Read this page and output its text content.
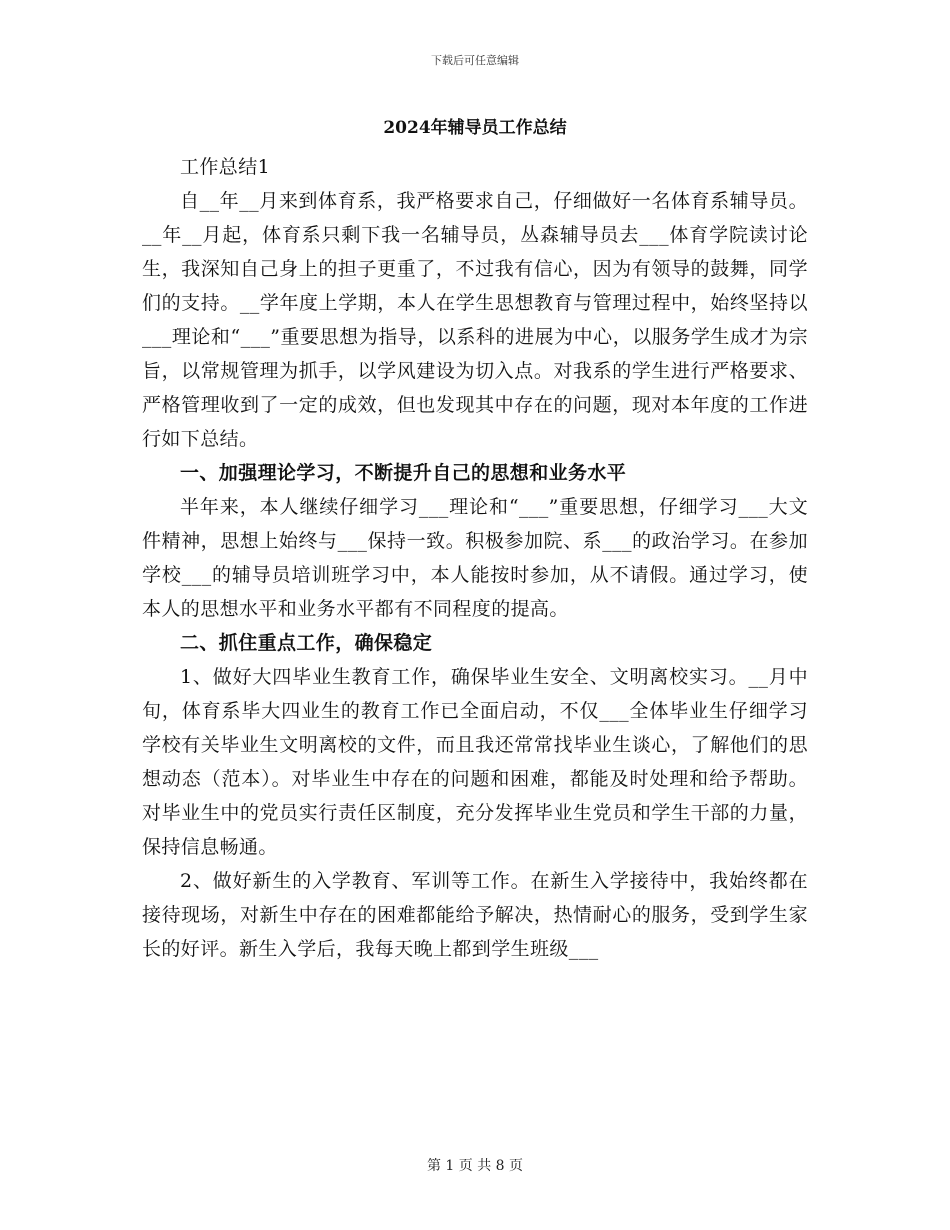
下载后可任意编辑
2024年辅导员工作总结

工作总结1

自__年__月来到体育系，我严格要求自己，仔细做好一名体育系辅导员。__年__月起，体育系只剩下我一名辅导员，丛森辅导员去___体育学院读讨论生，我深知自己身上的担子更重了，不过我有信心，因为有领导的鼓舞，同学们的支持。__学年度上学期，本人在学生思想教育与管理过程中，始终坚持以___理论和“___”重要思想为指导，以系科的进展为中心，以服务学生成才为宗旨，以常规管理为抓手，以学风建设为切入点。对我系的学生进行严格要求、严格管理收到了一定的成效，但也发现其中存在的问题，现对本年度的工作进行如下总结。

一、加强理论学习，不断提升自己的思想和业务水平

半年来，本人继续仔细学习___理论和“___”重要思想，仔细学习___大文件精神，思想上始终与___保持一致。积极参加院、系___的政治学习。在参加学校___的辅导员培训班学习中，本人能按时参加，从不请假。通过学习，使本人的思想水平和业务水平都有不同程度的提高。

二、抓住重点工作，确保稳定

1、做好大四毕业生教育工作，确保毕业生安全、文明离校实习。__月中旬，体育系毕大四业生的教育工作已全面启动，不仅___全体毕业生仔细学习学校有关毕业生文明离校的文件，而且我还常常找毕业生谈心，了解他们的思想动态（范本）。对毕业生中存在的问题和困难，都能及时处理和给予帮助。对毕业生中的党员实行责任区制度，充分发挥毕业生党员和学生干部的力量，保持信息畅通。

2、做好新生的入学教育、军训等工作。在新生入学接待中，我始终都在接待现场，对新生中存在的困难都能给予解决，热情耐心的服务，受到学生家长的好评。新生入学后，我每天晚上都到学生班级___

第 1 页 共 8 页
